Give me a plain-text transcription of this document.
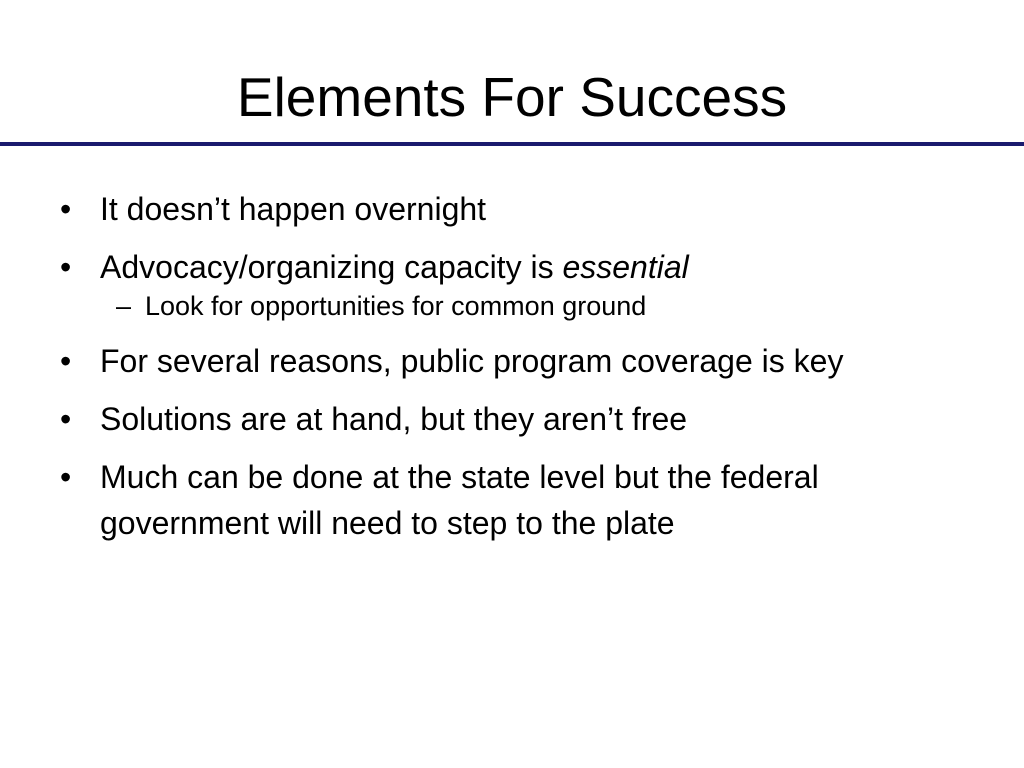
Elements For Success
• It doesn’t happen overnight
• Advocacy/organizing capacity is essential
– Look for opportunities for common ground
• For several reasons, public program coverage is key
• Solutions are at hand, but they aren’t free
• Much can be done at the state level but the federal government will need to step to the plate
